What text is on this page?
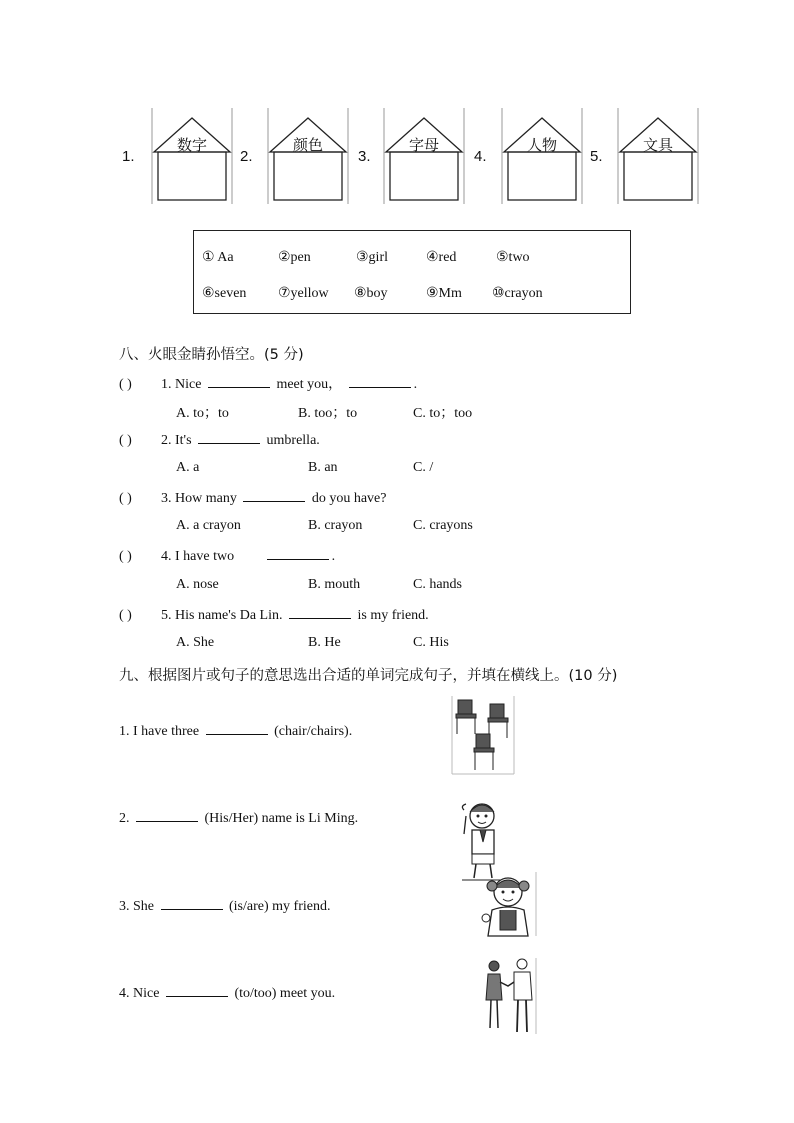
1.
数字
2.
颜色
3.
字母
4.
人物
5.
文具
① Aa	②pen	③girl	④red	⑤two
⑥seven ⑦yellow ⑧boy	⑨Mm ⑩crayon
八、火眼金睛孙悟空。(5 分)
( ) 1. Nice	meet you，	.
A. to；to	B. too；to	C. to；too
( ) 2. It's	umbrella.
A. a	B. an	C. /
( ) 3. How many	do you have?
A. a crayon	B. crayon	C. crayons
( ) 4. I have two	.
A. nose	B. mouth	C. hands
( ) 5. His name's Da Lin.	is my friend.
A. She	B. He	C. His
九、根据图片或句子的意思选出合适的单词完成句子，并填在横线上。(10 分)
1. I have three	(chair/chairs).
2.	(His/Her) name is Li Ming.
3. She	(is/are) my friend.
4. Nice	(to/too) meet you.
